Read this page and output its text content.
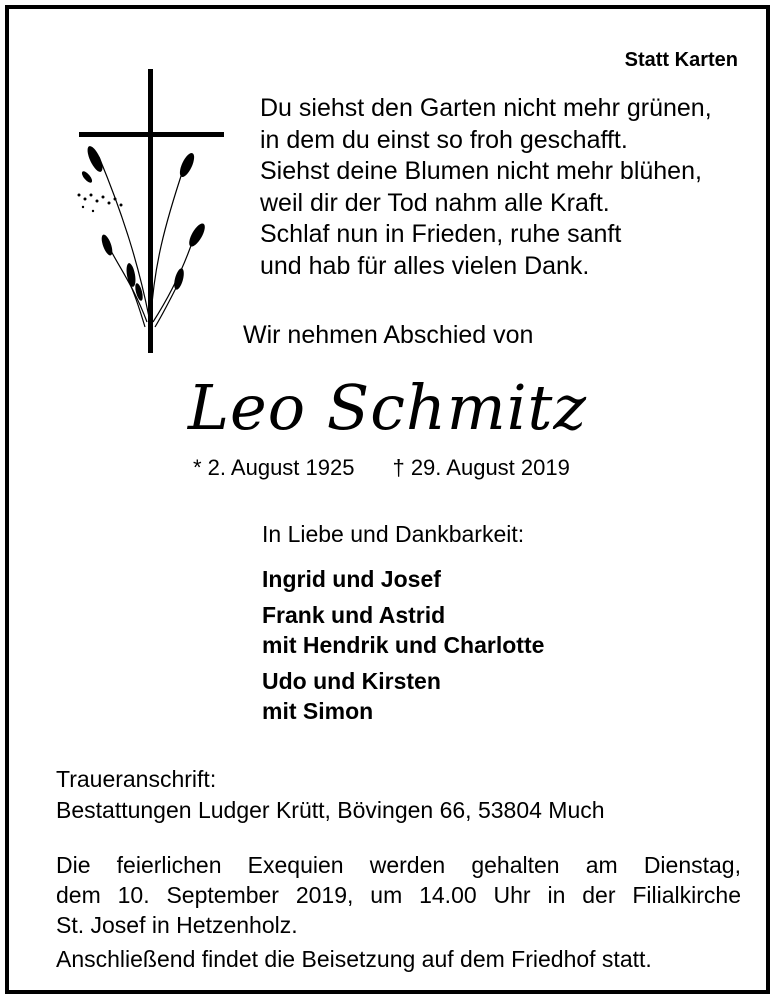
Statt Karten
Du siehst den Garten nicht mehr grünen,
in dem du einst so froh geschafft.
Siehst deine Blumen nicht mehr blühen,
weil dir der Tod nahm alle Kraft.
Schlaf nun in Frieden, ruhe sanft
und hab für alles vielen Dank.
Wir nehmen Abschied von
Leo Schmitz
* 2. August 1925 † 29. August 2019
In Liebe und Dankbarkeit:
Ingrid und Josef
Frank und Astrid
mit Hendrik und Charlotte
Udo und Kirsten
mit Simon
Traueranschrift:
Bestattungen Ludger Krütt, Bövingen 66, 53804 Much
Die feierlichen Exequien werden gehalten am Dienstag,
dem 10. September 2019, um 14.00 Uhr in der Filialkirche
St. Josef in Hetzenholz.
Anschließend findet die Beisetzung auf dem Friedhof statt.
